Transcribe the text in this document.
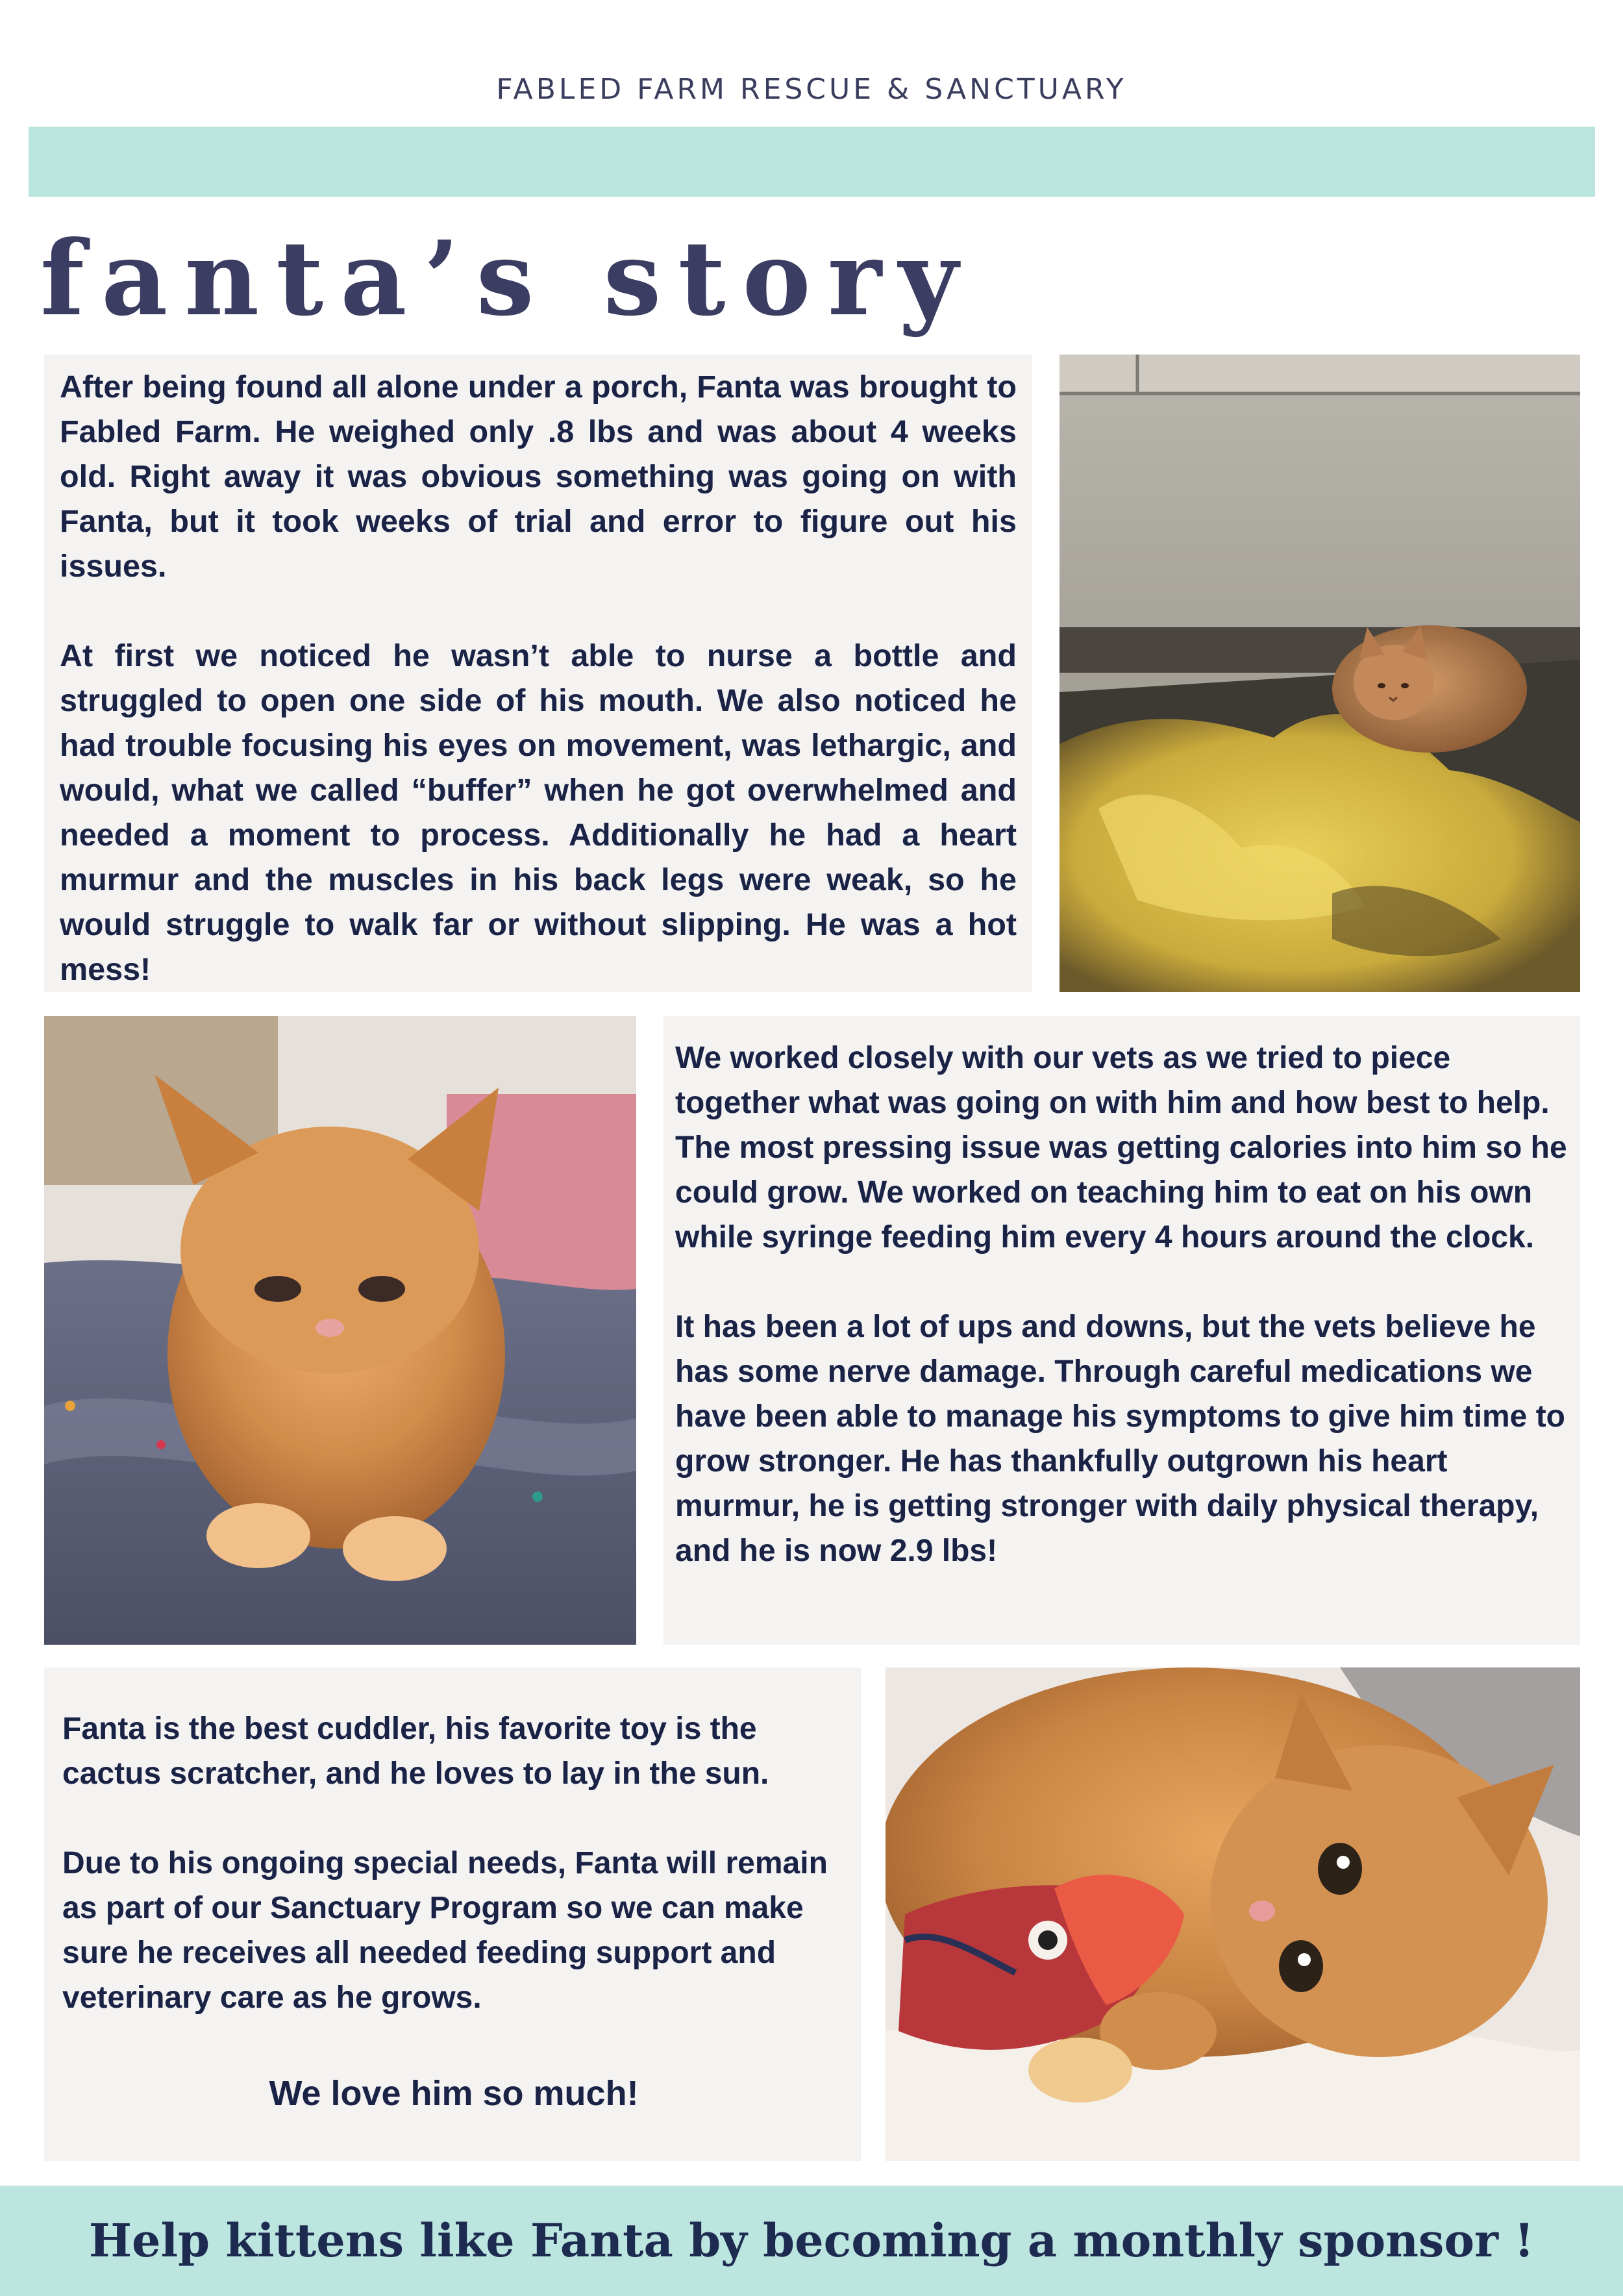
FABLED FARM RESCUE & SANCTUARY
fanta’s story

After being found all alone under a porch, Fanta was brought to Fabled Farm. He weighed only .8 lbs and was about 4 weeks old. Right away it was obvious something was going on with Fanta, but it took weeks of trial and error to figure out his issues.

At first we noticed he wasn’t able to nurse a bottle and struggled to open one side of his mouth. We also noticed he had trouble focusing his eyes on movement, was lethargic, and would, what we called “buffer” when he got overwhelmed and needed a moment to process. Additionally he had a heart murmur and the muscles in his back legs were weak, so he would struggle to walk far or without slipping. He was a hot mess!

We worked closely with our vets as we tried to piece together what was going on with him and how best to help. The most pressing issue was getting calories into him so he could grow. We worked on teaching him to eat on his own while syringe feeding him every 4 hours around the clock.

It has been a lot of ups and downs, but the vets believe he has some nerve damage. Through careful medications we have been able to manage his symptoms to give him time to grow stronger. He has thankfully outgrown his heart murmur, he is getting stronger with daily physical therapy, and he is now 2.9 lbs!

Fanta is the best cuddler, his favorite toy is the cactus scratcher, and he loves to lay in the sun.

Due to his ongoing special needs, Fanta will remain as part of our Sanctuary Program so we can make sure he receives all needed feeding support and veterinary care as he grows.

We love him so much!

Help kittens like Fanta by becoming a monthly sponsor !
